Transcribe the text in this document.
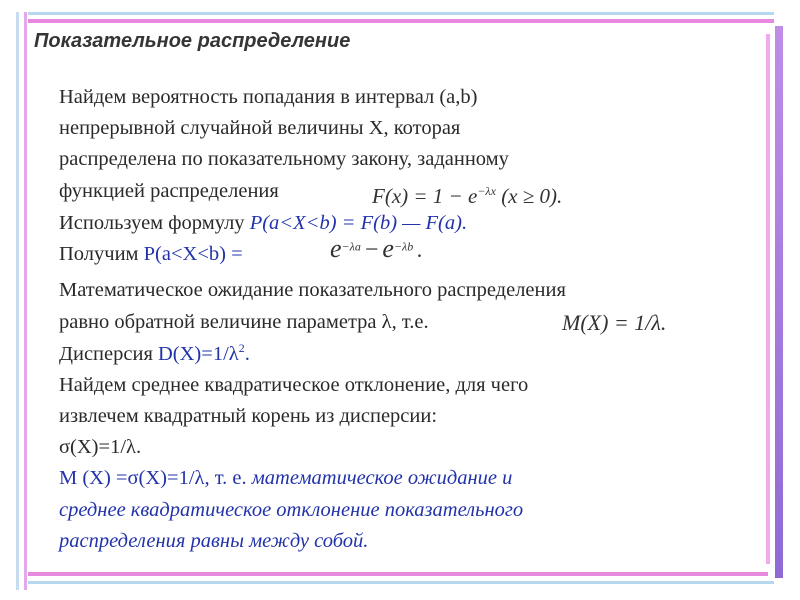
Показательное распределение
Найдем вероятность попадания в интервал (a,b)
непрерывной случайной величины X, которая
распределена по показательному закону, заданному
функцией распределения	$F(x) = 1 - e^{-\lambda x}$ (x ≥ 0).
Используем формулу P(a<X<b) = F(b) — F(a).
Получим P(a<X<b) =	$e^{-\lambda a} - e^{-\lambda b}$ .
Математическое ожидание показательного распределения
равно обратной величине параметра λ, т.е.	M(X) = 1/λ.
Дисперсия $D(X)=1/\lambda^2$.
Найдем среднее квадратическое отклонение, для чего
извлечем квадратный корень из дисперсии:
σ(X)=1/λ.
M (X) =σ(X)=1/λ, т. е. математическое ожидание и
среднее квадратическое отклонение показательного
распределения равны между собой.
